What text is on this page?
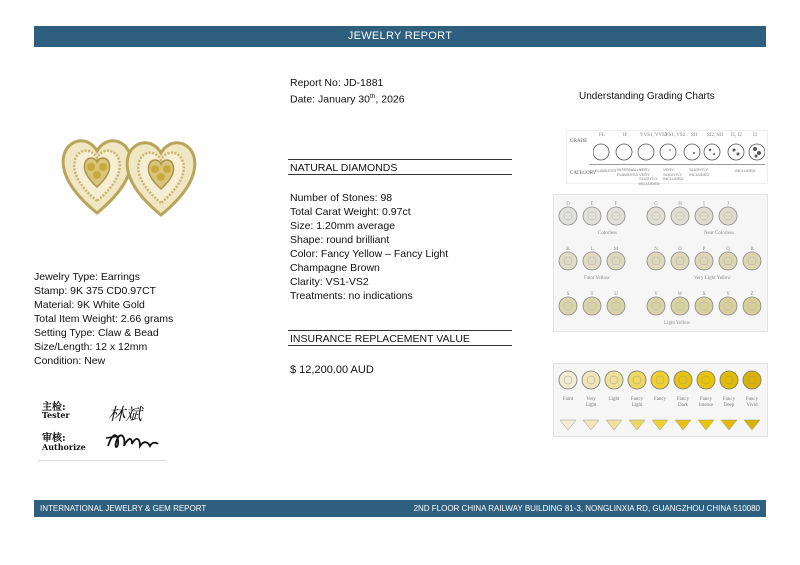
JEWELRY REPORT
Report No: JD-1881
Date: January 30th, 2026
NATURAL DIAMONDS
Number of Stones: 98
Total Carat Weight: 0.97ct
Size: 1.20mm average
Shape: round brilliant
Color: Fancy Yellow – Fancy Light
Champagne Brown
Clarity: VS1-VS2
Treatments: no indications
INSURANCE REPLACEMENT VALUE
$ 12,200.00 AUD
Jewelry Type: Earrings
Stamp: 9K 375 CD0.97CT
Material: 9K White Gold
Total Item Weight: 2.66 grams
Setting Type: Claw & Bead
Size/Length: 12 x 12mm
Condition: New
主检:
Tester
审核:
Authorize
林斌
Understanding Grading Charts
GRADE
CATEGORY
FL	IF	VVS1, VVS2
VS1, VS2 SI1 SI2, SI3 I1, I2 I3
FLAWLESS INTERNALLY FLAWLESS
VERY VERY SLIGHTLY INCLUDED
VERY SLIGHTLY INCLUDED
SLIGHTLY INCLUDED
INCLUDED
D	E	F	G	H	I	J
Colorless	Near Colorless
K	L	M	N	O	P	Q	R
Faint Yellow	Very Light Yellow
S	T	U	V	W	X	Y	Z
Light Yellow
Faint	Very
Light
Light Fancy
Light
Fancy Fancy
Dark
Fancy
Intense
Fancy
Deep
Fancy
Vivid
INTERNATIONAL JEWELRY & GEM REPORT	2ND FLOOR CHINA RAILWAY BUILDING 81-3, NONGLINXIA RD, GUANGZHOU CHINA 510080
